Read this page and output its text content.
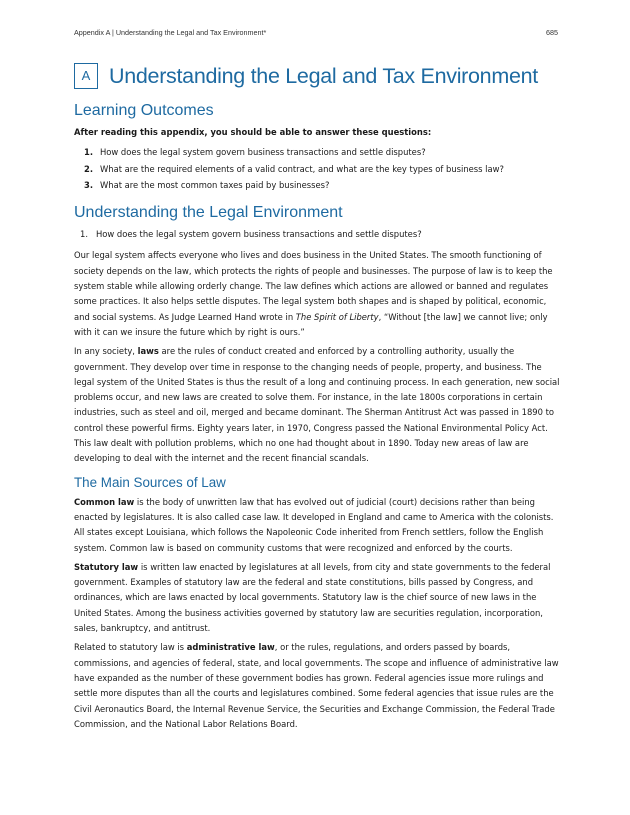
Appendix A | Understanding the Legal and Tax Environment*	685
A Understanding the Legal and Tax Environment
Learning Outcomes

After reading this appendix, you should be able to answer these questions:

1. How does the legal system govern business transactions and settle disputes?
2. What are the required elements of a valid contract, and what are the key types of business law?
3. What are the most common taxes paid by businesses?
Understanding the Legal Environment
1. How does the legal system govern business transactions and settle disputes?

Our legal system affects everyone who lives and does business in the United States. The smooth functioning of society depends on the law, which protects the rights of people and businesses. The purpose of law is to keep the system stable while allowing orderly change. The law defines which actions are allowed or banned and regulates some practices. It also helps settle disputes. The legal system both shapes and is shaped by political, economic, and social systems. As Judge Learned Hand wrote in The Spirit of Liberty, “Without [the law] we cannot live; only with it can we insure the future which by right is ours.”

In any society, laws are the rules of conduct created and enforced by a controlling authority, usually the government. They develop over time in response to the changing needs of people, property, and business. The legal system of the United States is thus the result of a long and continuing process. In each generation, new social problems occur, and new laws are created to solve them. For instance, in the late 1800s corporations in certain industries, such as steel and oil, merged and became dominant. The Sherman Antitrust Act was passed in 1890 to control these powerful firms. Eighty years later, in 1970, Congress passed the National Environmental Policy Act. This law dealt with pollution problems, which no one had thought about in 1890. Today new areas of law are developing to deal with the internet and the recent financial scandals.

The Main Sources of Law

Common law is the body of unwritten law that has evolved out of judicial (court) decisions rather than being enacted by legislatures. It is also called case law. It developed in England and came to America with the colonists. All states except Louisiana, which follows the Napoleonic Code inherited from French settlers, follow the English system. Common law is based on community customs that were recognized and enforced by the courts.

Statutory law is written law enacted by legislatures at all levels, from city and state governments to the federal government. Examples of statutory law are the federal and state constitutions, bills passed by Congress, and ordinances, which are laws enacted by local governments. Statutory law is the chief source of new laws in the United States. Among the business activities governed by statutory law are securities regulation, incorporation, sales, bankruptcy, and antitrust.

Related to statutory law is administrative law, or the rules, regulations, and orders passed by boards, commissions, and agencies of federal, state, and local governments. The scope and influence of administrative law have expanded as the number of these government bodies has grown. Federal agencies issue more rulings and settle more disputes than all the courts and legislatures combined. Some federal agencies that issue rules are the Civil Aeronautics Board, the Internal Revenue Service, the Securities and Exchange Commission, the Federal Trade Commission, and the National Labor Relations Board.
